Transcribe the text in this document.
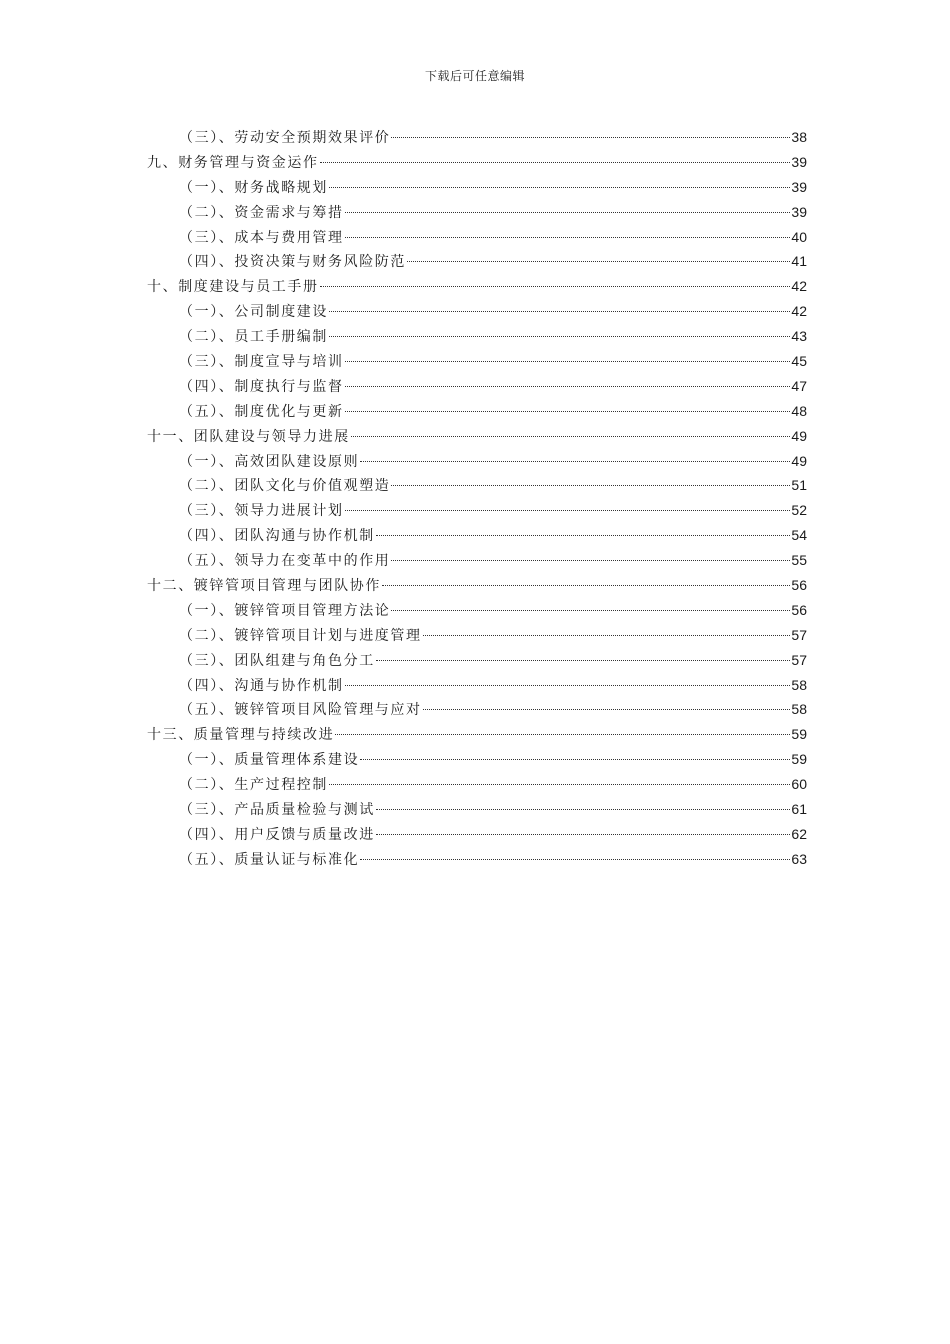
下载后可任意编辑
（三）、劳动安全预期效果评价	38
九、财务管理与资金运作	39
（一）、财务战略规划	39
（二）、资金需求与筹措	39
（三）、成本与费用管理	40
（四）、投资决策与财务风险防范	41
十、制度建设与员工手册	42
（一）、公司制度建设	42
（二）、员工手册编制	43
（三）、制度宣导与培训	45
（四）、制度执行与监督	47
（五）、制度优化与更新	48
十一、团队建设与领导力进展	49
（一）、高效团队建设原则	49
（二）、团队文化与价值观塑造	51
（三）、领导力进展计划	52
（四）、团队沟通与协作机制	54
（五）、领导力在变革中的作用	55
十二、镀锌管项目管理与团队协作	56
（一）、镀锌管项目管理方法论	56
（二）、镀锌管项目计划与进度管理	57
（三）、团队组建与角色分工	57
（四）、沟通与协作机制	58
（五）、镀锌管项目风险管理与应对	58
十三、质量管理与持续改进	59
（一）、质量管理体系建设	59
（二）、生产过程控制	60
（三）、产品质量检验与测试	61
（四）、用户反馈与质量改进	62
（五）、质量认证与标准化	63
